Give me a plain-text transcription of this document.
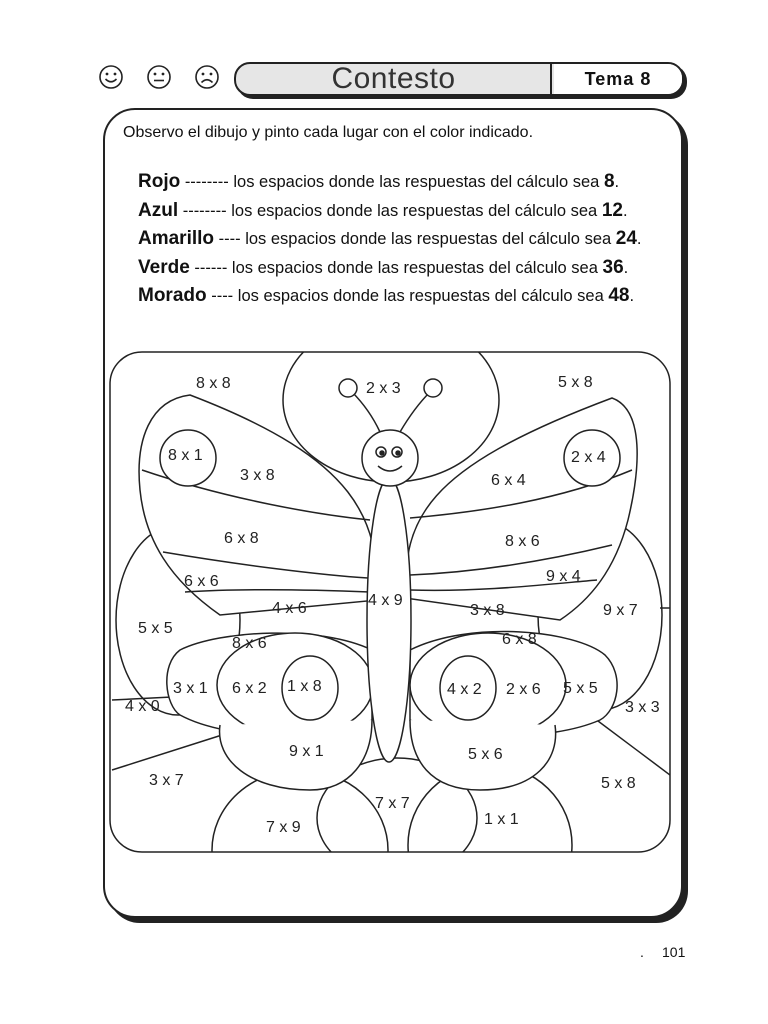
Contesto	Tema 8
Observo el dibujo y pinto cada lugar con el color indicado.
Rojo -------- los espacios donde las respuestas del cálculo sea 8.
Azul -------- los espacios donde las respuestas del cálculo sea 12.
Amarillo ---- los espacios donde las respuestas del cálculo sea 24.
Verde ------ los espacios donde las respuestas del cálculo sea 36.
Morado ---- los espacios donde las respuestas del cálculo sea 48.
8 x 8	2 x 3	5 x 8
8 x 1
3 x 8
2 x 4
6 x 4
6 x 8	8 x 6
6 x 6	9 x 4
4 x 6	4 x 9
3 x 8	9 x 7
5 x 5
8 x 6	6 x 8
3 x 1 6 x 2 1 x 8	4 x 2 2 x 6 5 x 5
4 x 0	3 x 3
9 x 1	5 x 6
3 x 7	5 x 8
7 x 7
1 x 1
7 x 9
. 101
